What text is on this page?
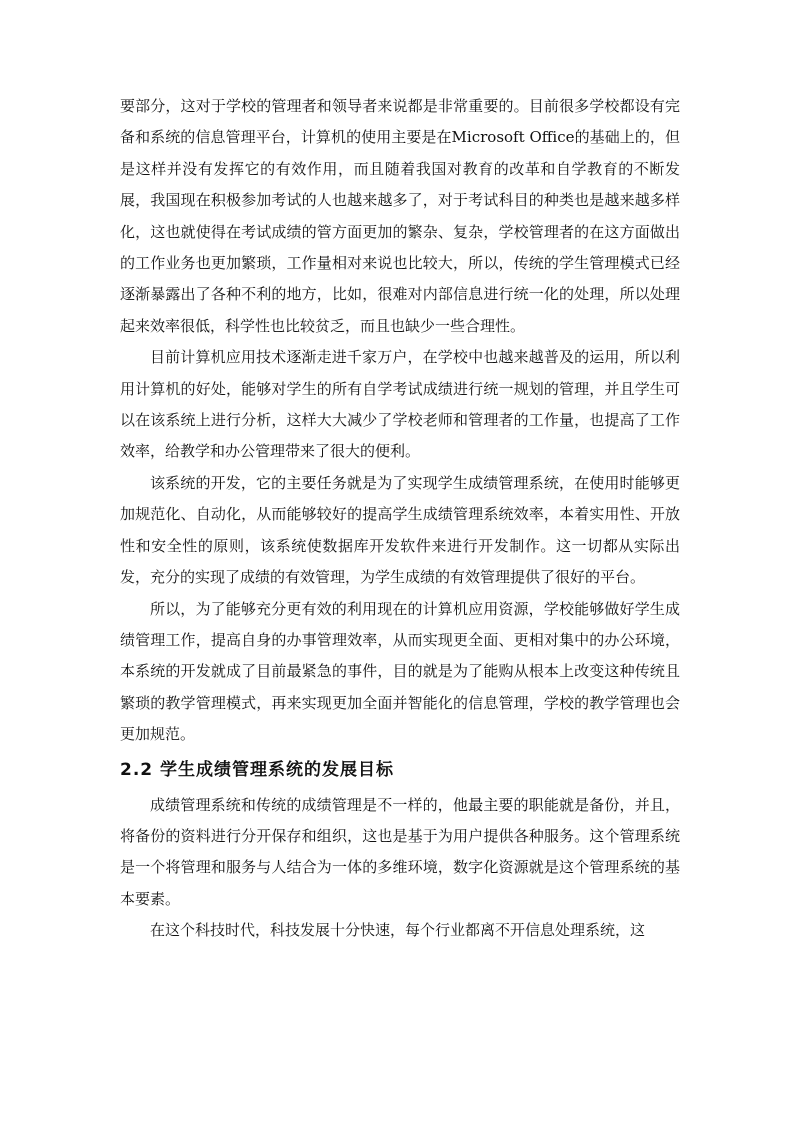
要部分，这对于学校的管理者和领导者来说都是非常重要的。目前很多学校都设有完备和系统的信息管理平台，计算机的使用主要是在Microsoft Office的基础上的，但是这样并没有发挥它的有效作用，而且随着我国对教育的改革和自学教育的不断发展，我国现在积极参加考试的人也越来越多了，对于考试科目的种类也是越来越多样化，这也就使得在考试成绩的管方面更加的繁杂、复杂，学校管理者的在这方面做出的工作业务也更加繁琐，工作量相对来说也比较大，所以，传统的学生管理模式已经逐渐暴露出了各种不利的地方，比如，很难对内部信息进行统一化的处理，所以处理起来效率很低，科学性也比较贫乏，而且也缺少一些合理性。

目前计算机应用技术逐渐走进千家万户，在学校中也越来越普及的运用，所以利用计算机的好处，能够对学生的所有自学考试成绩进行统一规划的管理，并且学生可以在该系统上进行分析，这样大大减少了学校老师和管理者的工作量，也提高了工作效率，给教学和办公管理带来了很大的便利。

该系统的开发，它的主要任务就是为了实现学生成绩管理系统，在使用时能够更加规范化、自动化，从而能够较好的提高学生成绩管理系统效率，本着实用性、开放性和安全性的原则，该系统使数据库开发软件来进行开发制作。这一切都从实际出发，充分的实现了成绩的有效管理，为学生成绩的有效管理提供了很好的平台。

所以，为了能够充分更有效的利用现在的计算机应用资源，学校能够做好学生成绩管理工作，提高自身的办事管理效率，从而实现更全面、更相对集中的办公环境，本系统的开发就成了目前最紧急的事件，目的就是为了能购从根本上改变这种传统且繁琐的教学管理模式，再来实现更加全面并智能化的信息管理，学校的教学管理也会更加规范。

2.2 学生成绩管理系统的发展目标

成绩管理系统和传统的成绩管理是不一样的，他最主要的职能就是备份，并且，将备份的资料进行分开保存和组织，这也是基于为用户提供各种服务。这个管理系统是一个将管理和服务与人结合为一体的多维环境，数字化资源就是这个管理系统的基本要素。

在这个科技时代，科技发展十分快速，每个行业都离不开信息处理系统，这
